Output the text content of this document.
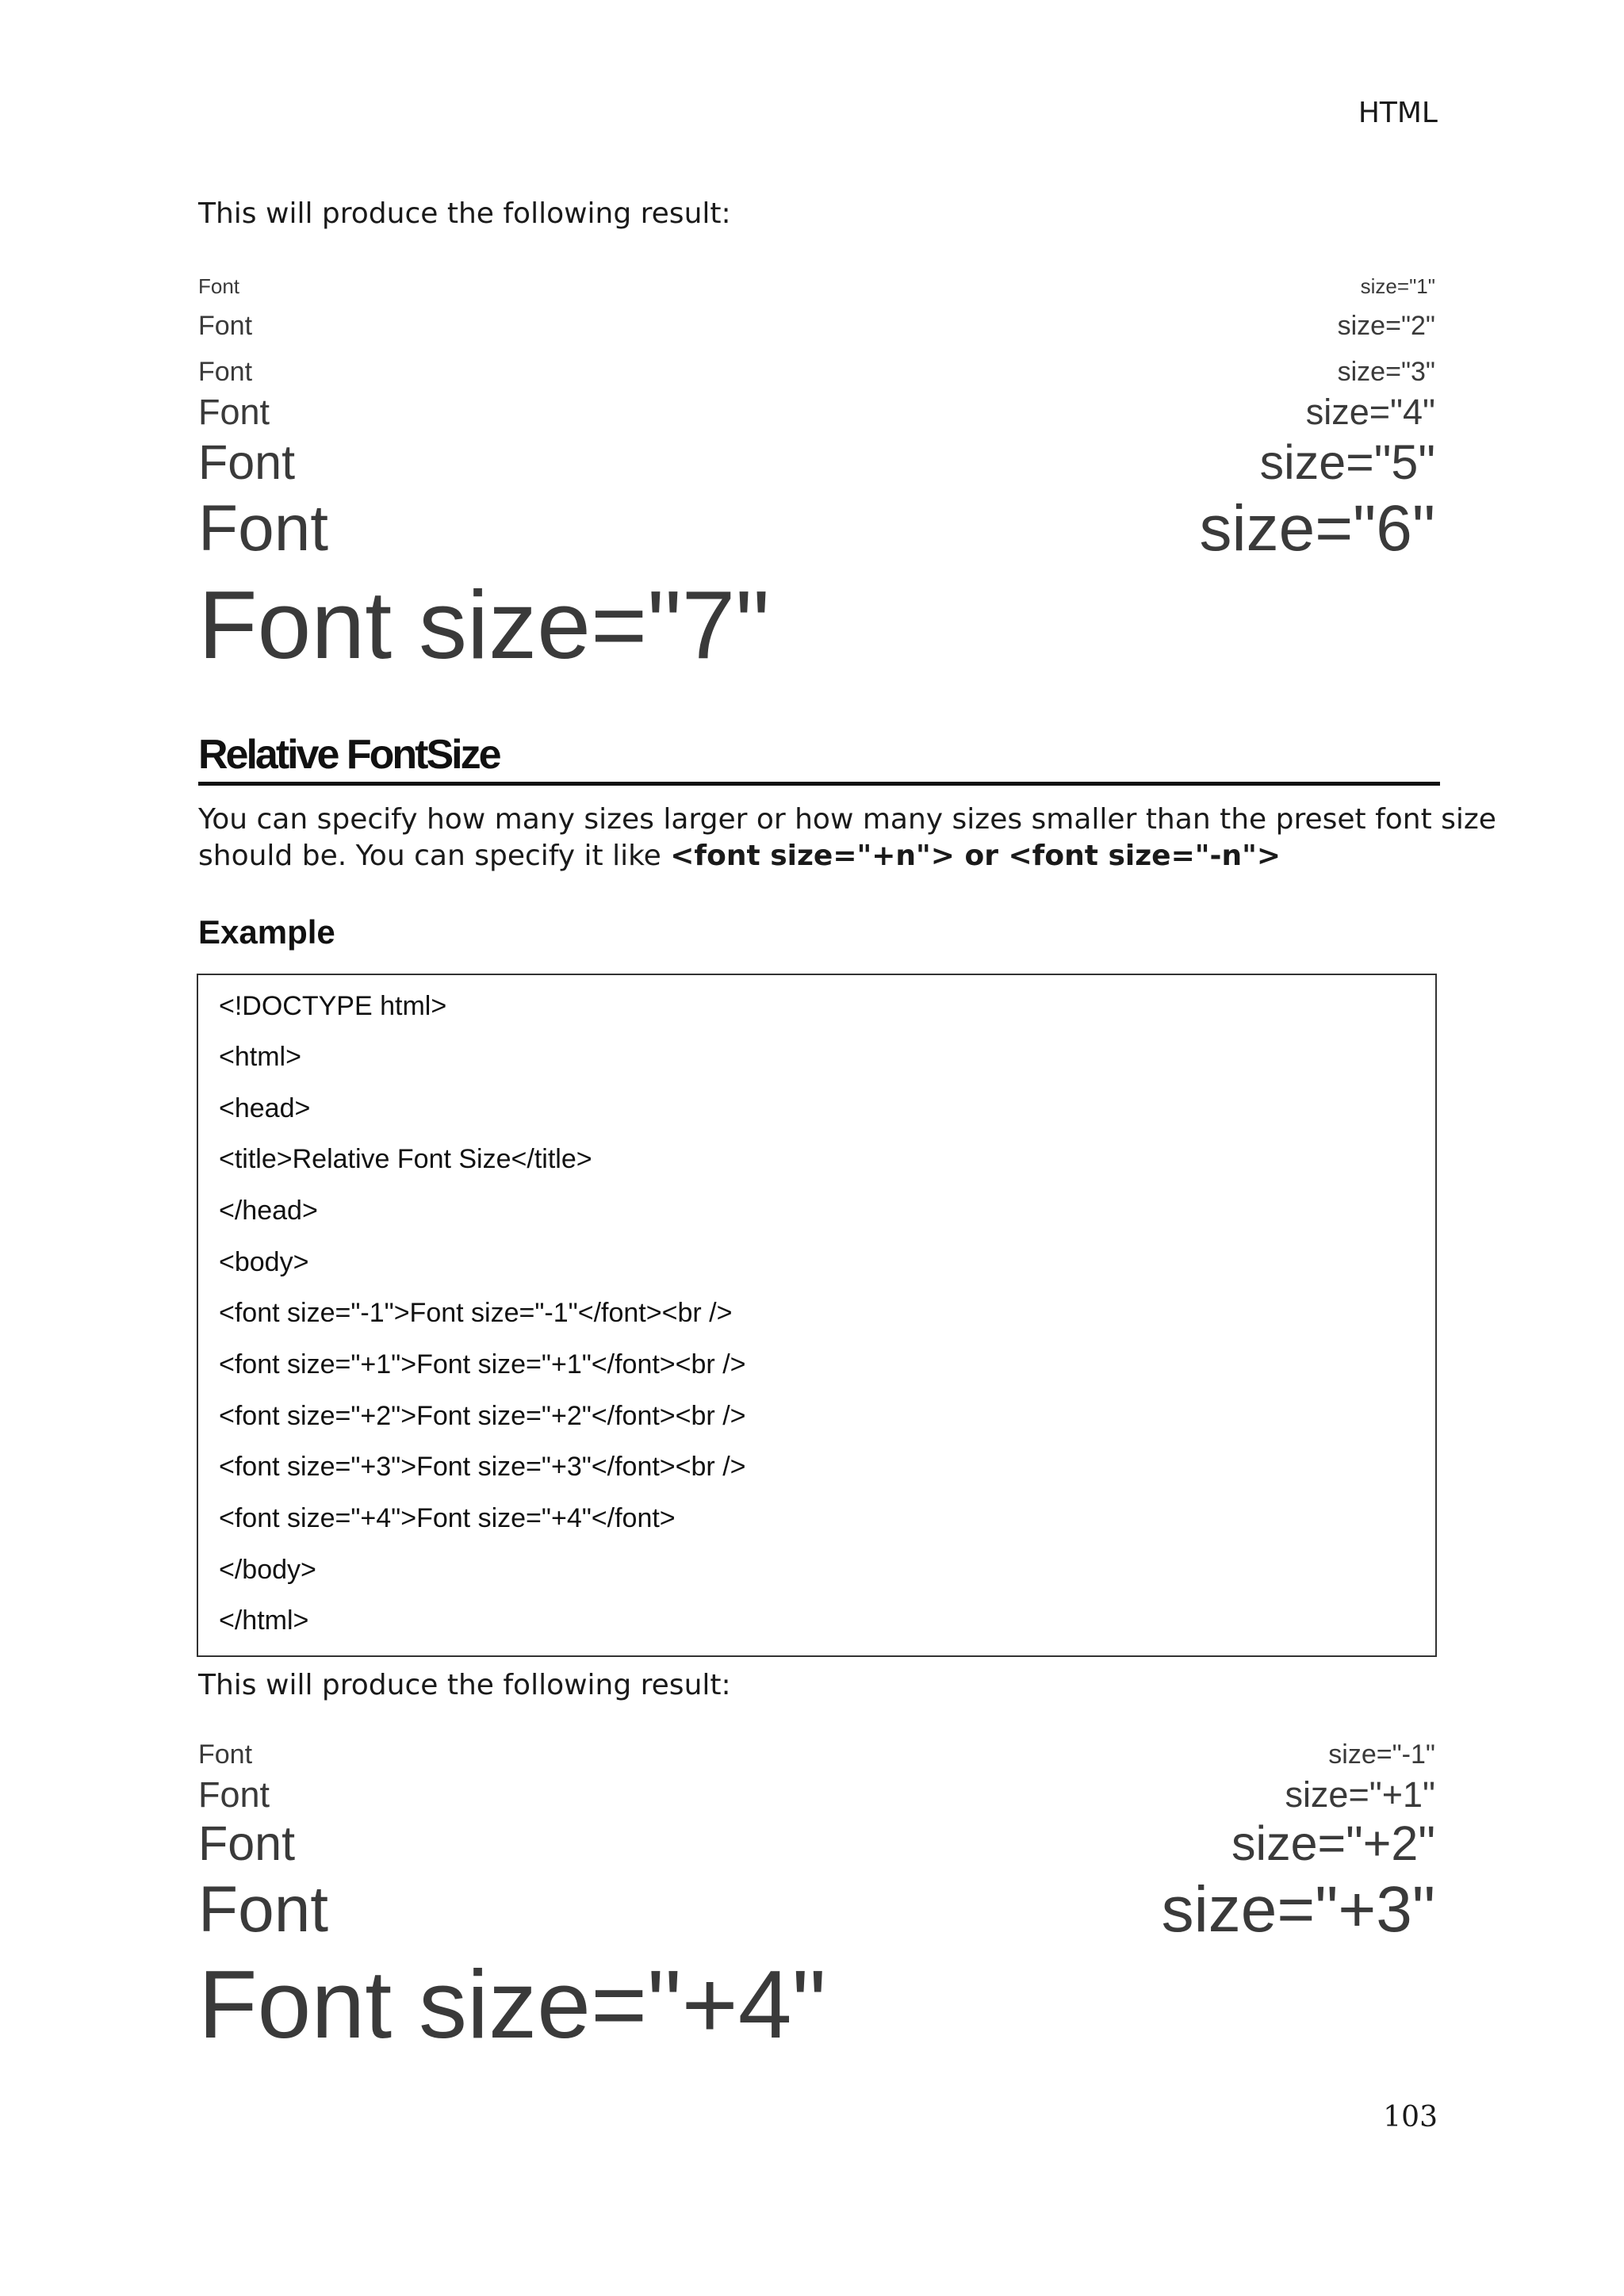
HTML
This will produce the following result:
Font	size="1"
Font	size="2"
Font	size="3"
Font	size="4"
Font	size="5"
Font	size="6"
Font size="7"
Relative FontSize
You can specify how many sizes larger or how many sizes smaller than the preset font size
should be. You can specify it like <font size="+n"> or <font size="-n">
Example
<!DOCTYPE html>
<html>
<head>
<title>Relative Font Size</title>
</head>
<body>
<font size="-1">Font size="-1"</font><br />
<font size="+1">Font size="+1"</font><br />
<font size="+2">Font size="+2"</font><br />
<font size="+3">Font size="+3"</font><br />
<font size="+4">Font size="+4"</font>
</body>
</html>
This will produce the following result:
Font	size="-1"
Font	size="+1"
Font	size="+2"
Font	size="+3"
Font size="+4"
103
